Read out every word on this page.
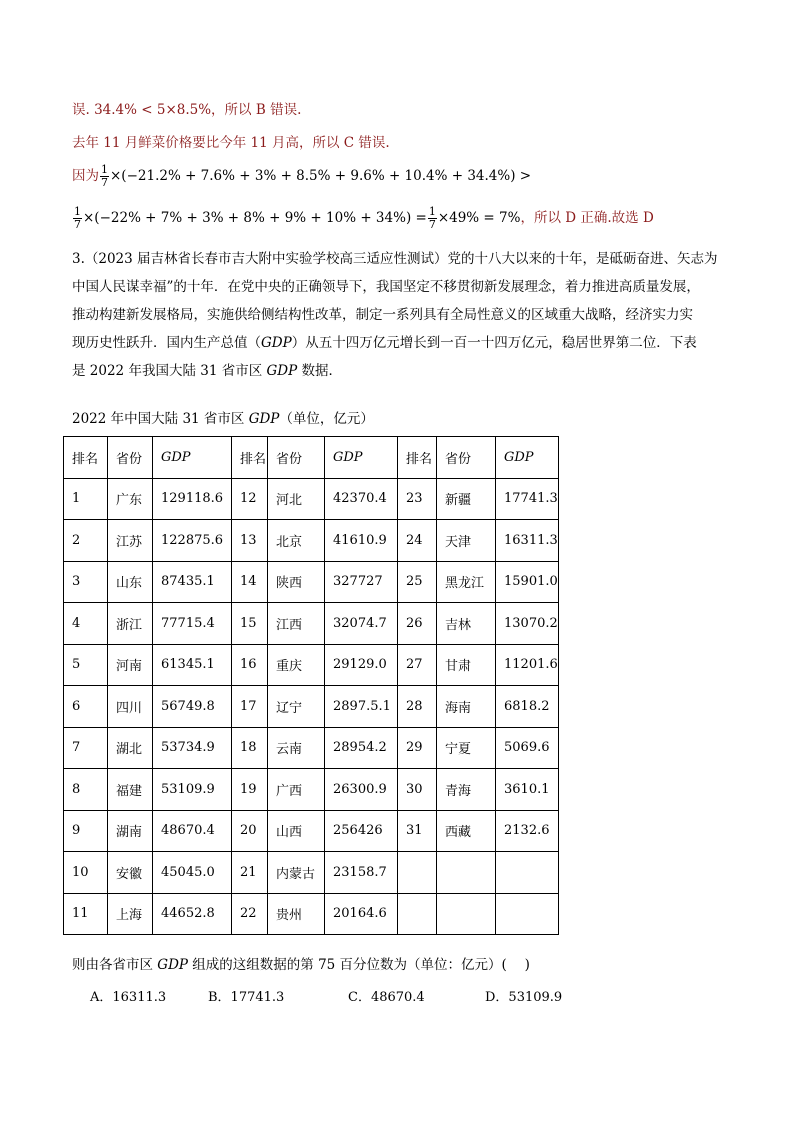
误. 34.4% < 5×8.5%，所以 B 错误.
去年 11 月鲜菜价格要比今年 11 月高，所以 C 错误.
因为 $\frac{1}{7} \times(-21.2\% + 7.6\% + 3\% + 8.5\% + 9.6\% + 10.4\% + 34.4\%)$ >
$\frac{1}{7} \times(-22\% + 7\% + 3\% + 8\% + 9\% + 10\% + 34\%) = \frac{1}{7} \times 49\% = 7\%$，所以 D 正确.故选 D
3.（2023 届吉林省长春市吉大附中实验学校高三适应性测试）党的十八大以来的十年，是砥砺奋进、矢志为
中国人民谋幸福”的十年．在党中央的正确领导下，我国坚定不移贯彻新发展理念，着力推进高质量发展，
推动构建新发展格局，实施供给侧结构性改革，制定一系列具有全局性意义的区域重大战略，经济实力实
现历史性跃升．国内生产总值（GDP）从五十四万亿元增长到一百一十四万亿元，稳居世界第二位．下表
是 2022 年我国大陆 31 省市区 GDP 数据．
2022 年中国大陆 31 省市区 GDP（单位，亿元）
排名	省份	GDP	排名	省份	GDP	排名	省份	GDP
1	广东	129118.6	12	河北	42370.4	23	新疆	17741.3
2	江苏	122875.6	13	北京	41610.9	24	天津	16311.3
3	山东	87435.1	14	陕西	327727	25	黑龙江	15901.0
4	浙江	77715.4	15	江西	32074.7	26	吉林	13070.2
5	河南	61345.1	16	重庆	29129.0	27	甘肃	11201.6
6	四川	56749.8	17	辽宁	2897.5.1	28	海南	6818.2
7	湖北	53734.9	18	云南	28954.2	29	宁夏	5069.6
8	福建	53109.9	19	广西	26300.9	30	青海	3610.1
9	湖南	48670.4	20	山西	256426	31	西藏	2132.6
10	安徽	45045.0	21	内蒙古	23158.7			
11	上海	44652.8	22	贵州	20164.6			
则由各省市区 GDP 组成的这组数据的第 75 百分位数为（单位：亿元）(　 )
A．16311.3	B．17741.3	C．48670.4	D．53109.9
